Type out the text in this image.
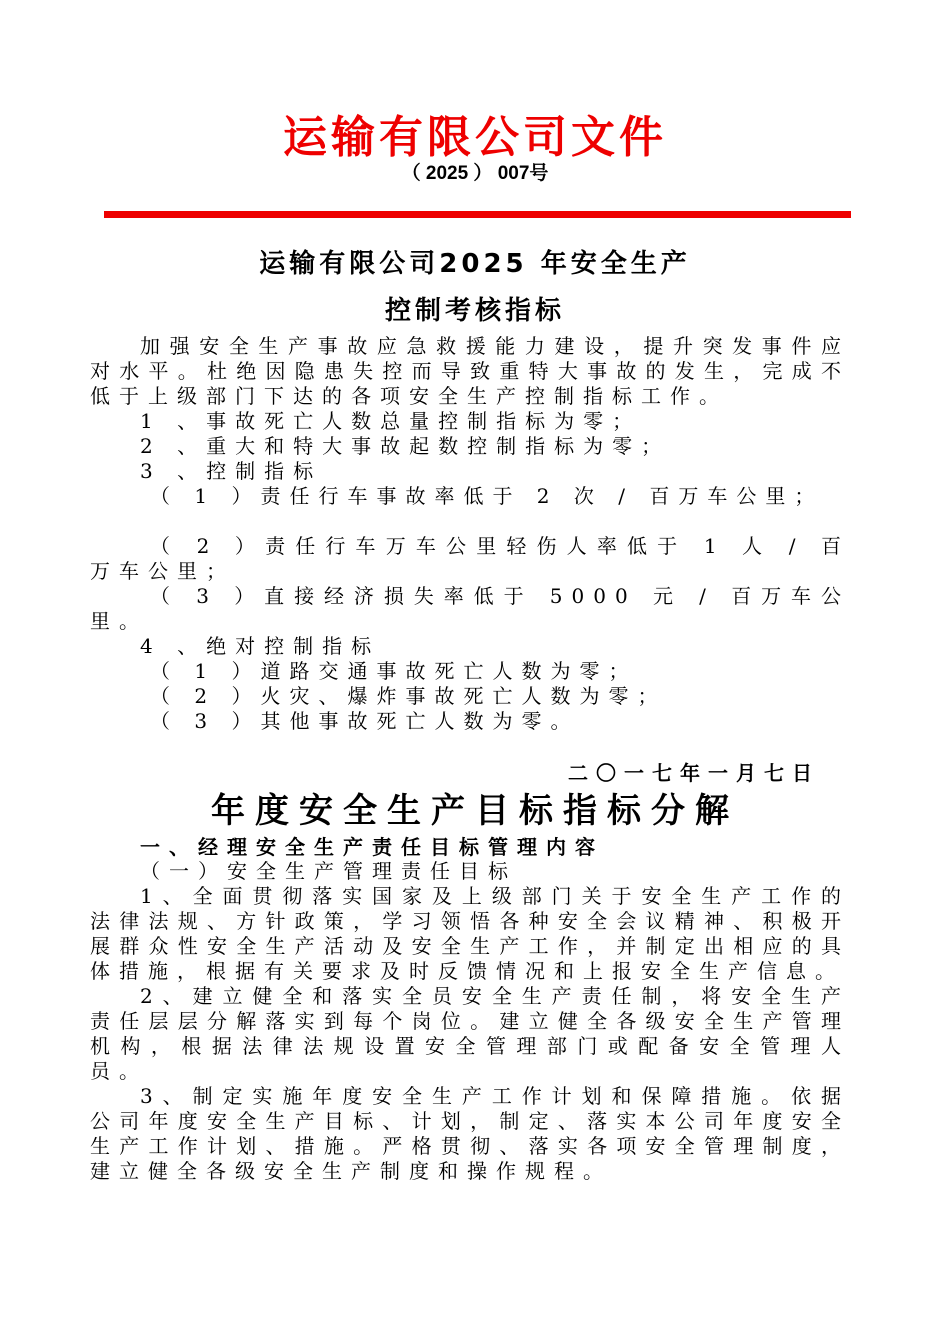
运输有限公司文件
（ 2025 ） 007号
运输有限公司2025 年安全生产
控制考核指标

加强安全生产事故应急救援能力建设，提升突发事件应对水平。杜绝因隐患失控而导致重特大事故的发生，完成不低于上级部门下达的各项安全生产控制指标工作。

1 、事故死亡人数总量控制指标为零；

2 、重大和特大事故起数控制指标为零；

3 、控制指标

（ 1 ）责任行车事故率低于 2 次 / 百万车公里；

（ 2 ）责任行车万车公里轻伤人率低于 1 人 / 百万车公里；

（ 3 ）直接经济损失率低于 5000 元 / 百万车公里。

4 、绝对控制指标

（ 1 ）道路交通事故死亡人数为零；

（ 2 ）火灾、爆炸事故死亡人数为零；

（ 3 ）其他事故死亡人数为零。

二〇一七年一月七日
年度安全生产目标指标分解
一、经理安全生产责任目标管理内容

（一）安全生产管理责任目标

1、全面贯彻落实国家及上级部门关于安全生产工作的法律法规、方针政策，学习领悟各种安全会议精神、积极开展群众性安全生产活动及安全生产工作，并制定出相应的具体措施，根据有关要求及时反馈情况和上报安全生产信息。

2、建立健全和落实全员安全生产责任制，将安全生产责任层层分解落实到每个岗位。建立健全各级安全生产管理机构，根据法律法规设置安全管理部门或配备安全管理人员。

3、制定实施年度安全生产工作计划和保障措施。依据公司年度安全生产目标、计划，制定、落实本公司年度安全生产工作计划、措施。严格贯彻、落实各项安全管理制度，建立健全各级安全生产制度和操作规程。
